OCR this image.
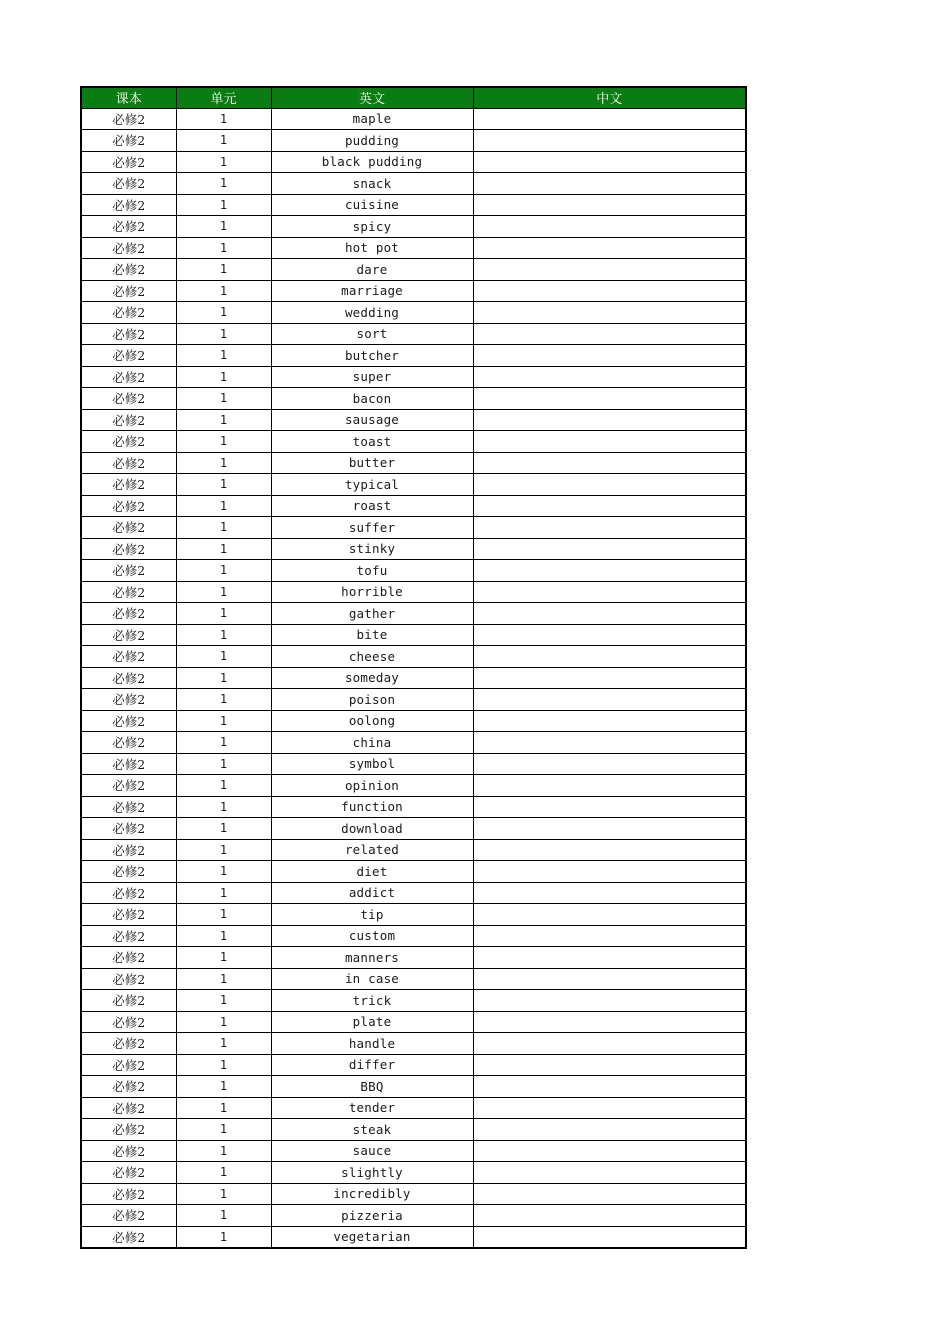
课本	单元	英文	中文
必修2	1	maple	
必修2	1	pudding	
必修2	1	black pudding	
必修2	1	snack	
必修2	1	cuisine	
必修2	1	spicy	
必修2	1	hot pot	
必修2	1	dare	
必修2	1	marriage	
必修2	1	wedding	
必修2	1	sort	
必修2	1	butcher	
必修2	1	super	
必修2	1	bacon	
必修2	1	sausage	
必修2	1	toast	
必修2	1	butter	
必修2	1	typical	
必修2	1	roast	
必修2	1	suffer	
必修2	1	stinky	
必修2	1	tofu	
必修2	1	horrible	
必修2	1	gather	
必修2	1	bite	
必修2	1	cheese	
必修2	1	someday	
必修2	1	poison	
必修2	1	oolong	
必修2	1	china	
必修2	1	symbol	
必修2	1	opinion	
必修2	1	function	
必修2	1	download	
必修2	1	related	
必修2	1	diet	
必修2	1	addict	
必修2	1	tip	
必修2	1	custom	
必修2	1	manners	
必修2	1	in case	
必修2	1	trick	
必修2	1	plate	
必修2	1	handle	
必修2	1	differ	
必修2	1	BBQ	
必修2	1	tender	
必修2	1	steak	
必修2	1	sauce	
必修2	1	slightly	
必修2	1	incredibly	
必修2	1	pizzeria	
必修2	1	vegetarian	
